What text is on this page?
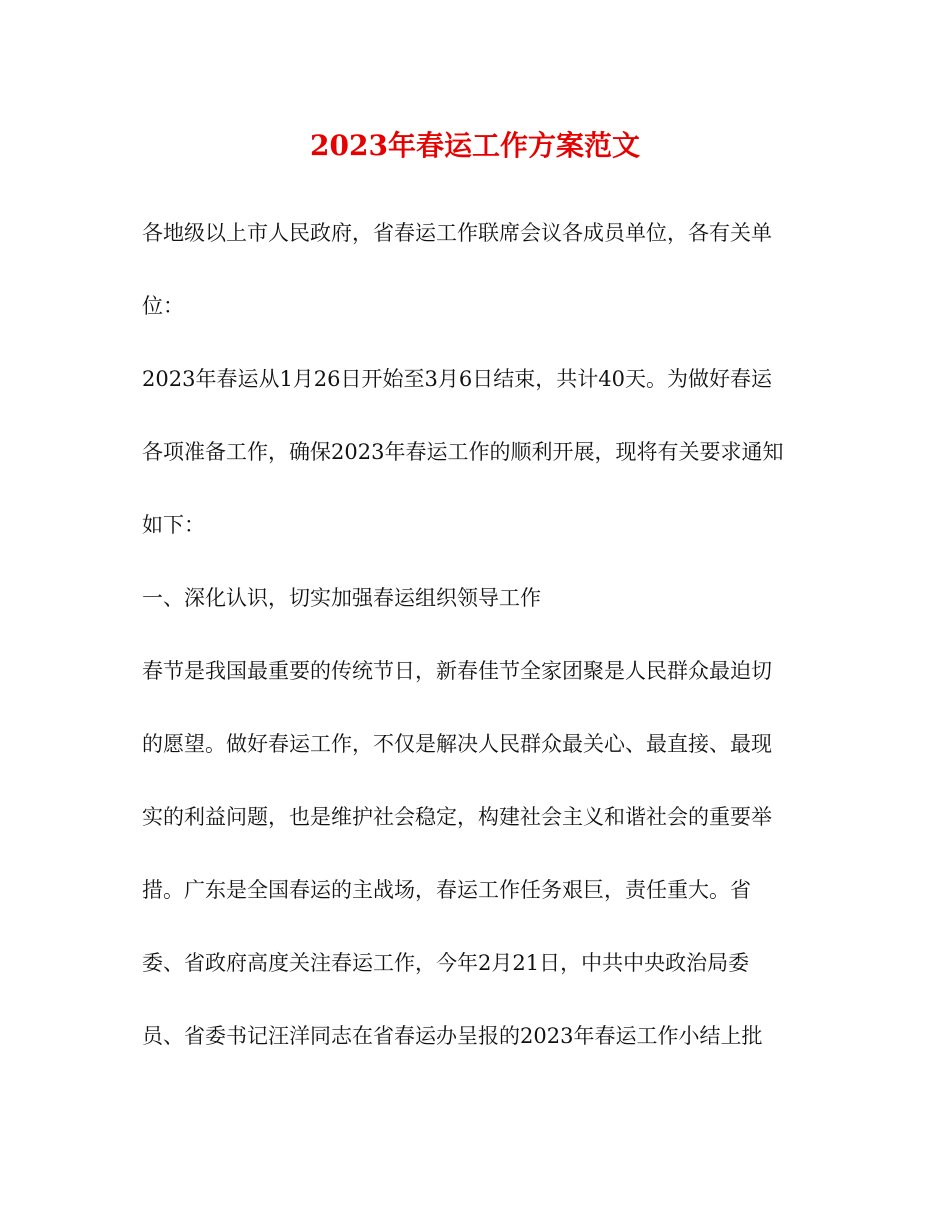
2023年春运工作方案范文
各地级以上市人民政府，省春运工作联席会议各成员单位，各有关单
位：
2023年春运从1月26日开始至3月6日结束，共计40天。为做好春运
各项准备工作，确保2023年春运工作的顺利开展，现将有关要求通知
如下：
一、深化认识，切实加强春运组织领导工作
春节是我国最重要的传统节日，新春佳节全家团聚是人民群众最迫切
的愿望。做好春运工作，不仅是解决人民群众最关心、最直接、最现
实的利益问题，也是维护社会稳定，构建社会主义和谐社会的重要举
措。广东是全国春运的主战场，春运工作任务艰巨，责任重大。省
委、省政府高度关注春运工作，今年2月21日，中共中央政治局委
员、省委书记汪洋同志在省春运办呈报的2023年春运工作小结上批
